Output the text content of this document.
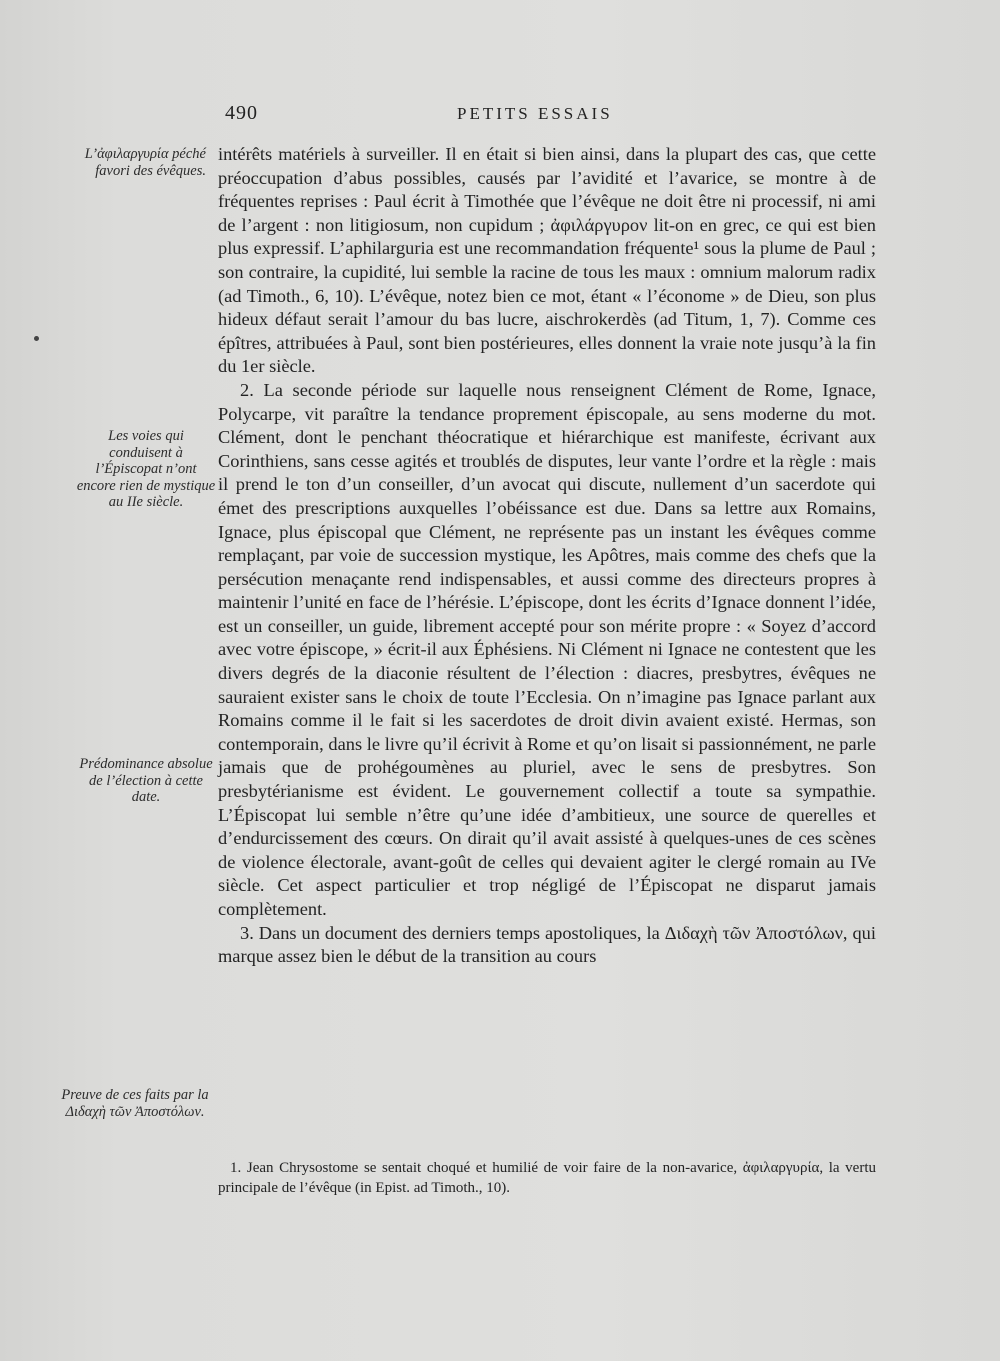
490	PETITS ESSAIS
L’ἀφιλαργυρία péché favori des évêques.
Les voies qui conduisent à l’Épiscopat n’ont encore rien de mystique au IIe siècle.
Prédominance absolue de l’élection à cette date.
Preuve de ces faits par la Διδαχὴ τῶν Ἀποστόλων.

intérêts matériels à surveiller. Il en était si bien ainsi, dans la plupart des cas, que cette préoccupation d’abus possibles, causés par l’avidité et l’avarice, se montre à de fréquentes reprises : Paul écrit à Timothée que l’évêque ne doit être ni processif, ni ami de l’argent : non litigiosum, non cupidum ; ἀφιλάργυρον lit-on en grec, ce qui est bien plus expressif. L’aphilarguria est une recommandation fréquente¹ sous la plume de Paul ; son contraire, la cupidité, lui semble la racine de tous les maux : omnium malorum radix (ad Timoth., 6, 10). L’évêque, notez bien ce mot, étant « l’économe » de Dieu, son plus hideux défaut serait l’amour du bas lucre, aischrokerdès (ad Titum, 1, 7). Comme ces épîtres, attribuées à Paul, sont bien postérieures, elles donnent la vraie note jusqu’à la fin du 1er siècle.

2. La seconde période sur laquelle nous renseignent Clément de Rome, Ignace, Polycarpe, vit paraître la tendance proprement épiscopale, au sens moderne du mot. Clément, dont le penchant théocratique et hiérarchique est manifeste, écrivant aux Corinthiens, sans cesse agités et troublés de disputes, leur vante l’ordre et la règle : mais il prend le ton d’un conseiller, d’un avocat qui discute, nullement d’un sacerdote qui émet des prescriptions auxquelles l’obéissance est due. Dans sa lettre aux Romains, Ignace, plus épiscopal que Clément, ne représente pas un instant les évêques comme remplaçant, par voie de succession mystique, les Apôtres, mais comme des chefs que la persécution menaçante rend indispensables, et aussi comme des directeurs propres à maintenir l’unité en face de l’hérésie. L’épiscope, dont les écrits d’Ignace donnent l’idée, est un conseiller, un guide, librement accepté pour son mérite propre : « Soyez d’accord avec votre épiscope, » écrit-il aux Éphésiens. Ni Clément ni Ignace ne contestent que les divers degrés de la diaconie résultent de l’élection : diacres, presbytres, évêques ne sauraient exister sans le choix de toute l’Ecclesia. On n’imagine pas Ignace parlant aux Romains comme il le fait si les sacerdotes de droit divin avaient existé. Hermas, son contemporain, dans le livre qu’il écrivit à Rome et qu’on lisait si passionnément, ne parle jamais que de prohégoumènes au pluriel, avec le sens de presbytres. Son presbytérianisme est évident. Le gouvernement collectif a toute sa sympathie. L’Épiscopat lui semble n’être qu’une idée d’ambitieux, une source de querelles et d’endurcissement des cœurs. On dirait qu’il avait assisté à quelques-unes de ces scènes de violence électorale, avant-goût de celles qui devaient agiter le clergé romain au IVe siècle. Cet aspect particulier et trop négligé de l’Épiscopat ne disparut jamais complètement.

3. Dans un document des derniers temps apostoliques, la Διδαχὴ τῶν Ἀποστόλων, qui marque assez bien le début de la transition au cours

1. Jean Chrysostome se sentait choqué et humilié de voir faire de la non-avarice, ἀφιλαργυρία, la vertu principale de l’évêque (in Epist. ad Timoth., 10).
